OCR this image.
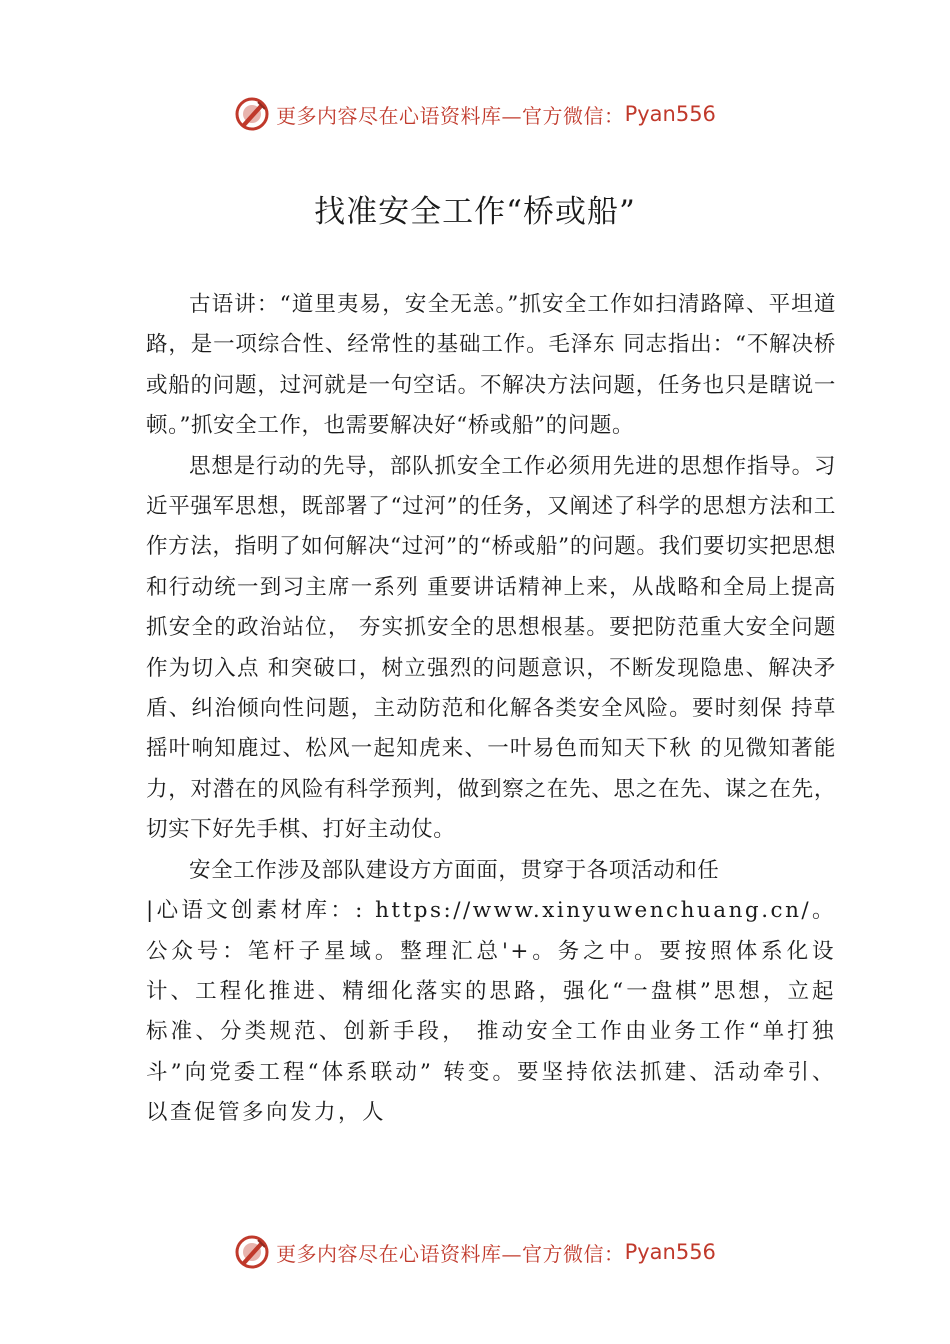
更多内容尽在心语资料库—官方微信： Pyan556
找准安全工作“桥或船”

古语讲：“道里夷易，安全无恙。”抓安全工作如扫清路障、平坦道路，是一项综合性、经常性的基础工作。毛泽东 同志指出：“不解决桥或船的问题，过河就是一句空话。不解决方法问题，任务也只是瞎说一顿。”抓安全工作，也需要解决好“桥或船”的问题。

思想是行动的先导，部队抓安全工作必须用先进的思想作指导。习近平强军思想，既部署了“过河”的任务，又阐述了科学的思想方法和工作方法，指明了如何解决“过河”的“桥或船”的问题。我们要切实把思想和行动统一到习主席一系列 重要讲话精神上来，从战略和全局上提高抓安全的政治站位， 夯实抓安全的思想根基。要把防范重大安全问题作为切入点 和突破口，树立强烈的问题意识，不断发现隐患、解决矛盾、纠治倾向性问题，主动防范和化解各类安全风险。要时刻保 持草摇叶响知鹿过、松风一起知虎来、一叶易色而知天下秋 的见微知著能力，对潜在的风险有科学预判，做到察之在先、思之在先、谋之在先，切实下好先手棋、打好主动仗。

安全工作涉及部队建设方方面面，贯穿于各项活动和任

|心语文创素材库：: https://www.xinyuwenchuang.cn/。公众号：笔杆子星域。整理汇总'+。务之中。要按照体系化设计、工程化推进、精细化落实的思路，强化“一盘棋”思想，立起标准、分类规范、创新手段， 推动安全工作由业务工作“单打独斗”向党委工程“体系联动” 转变。要坚持依法抓建、活动牵引、以查促管多向发力，人

更多内容尽在心语资料库—官方微信： Pyan556
